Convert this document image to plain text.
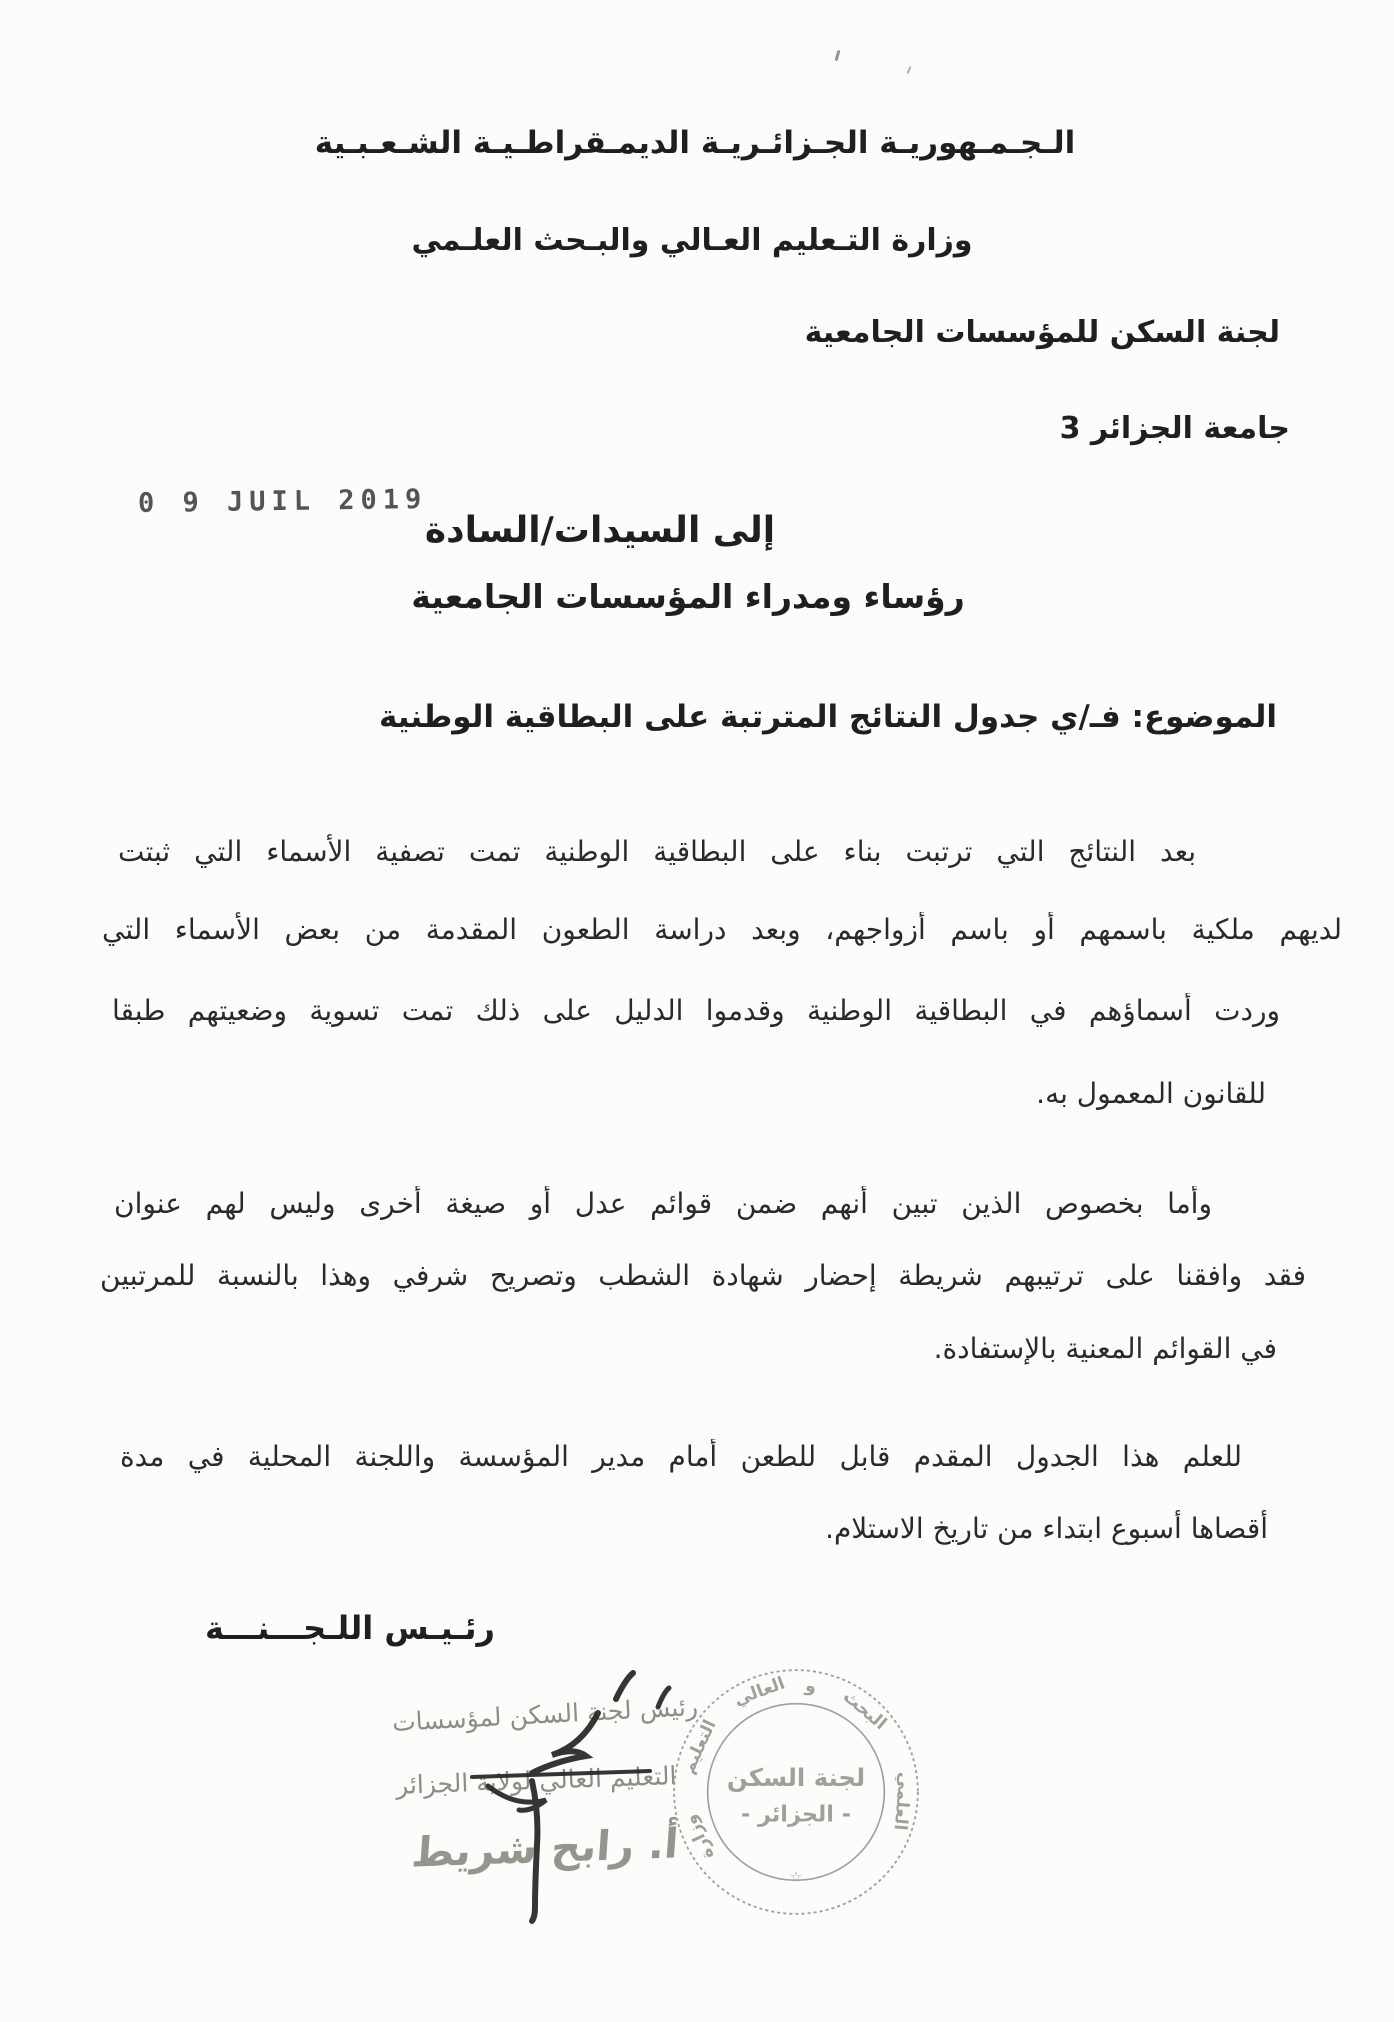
الـجـمـهوريـة الجـزائـريـة الديمـقراطـيـة الشـعـبـية
وزارة التـعليم العـالي والبـحث العلـمي
لجنة السكن للمؤسسات الجامعية
جامعة الجزائر 3
0 9 JUIL 2019
إلى السيدات/السادة
رؤساء ومدراء المؤسسات الجامعية
الموضوع: فـ/ي جدول النتائج المترتبة على البطاقية الوطنية
بعد النتائج التي ترتبت بناء على البطاقية الوطنية تمت تصفية الأسماء التي ثبتت
لديهم ملكية باسمهم أو باسم أزواجهم، وبعد دراسة الطعون المقدمة من بعض الأسماء التي
وردت أسماؤهم في البطاقية الوطنية وقدموا الدليل على ذلك تمت تسوية وضعيتهم طبقا
للقانون المعمول به.
وأما بخصوص الذين تبين أنهم ضمن قوائم عدل أو صيغة أخرى وليس لهم عنوان
فقد وافقنا على ترتيبهم شريطة إحضار شهادة الشطب وتصريح شرفي وهذا بالنسبة للمرتبين
في القوائم المعنية بالإستفادة.
للعلم هذا الجدول المقدم قابل للطعن أمام مدير المؤسسة واللجنة المحلية في مدة
أقصاها أسبوع ابتداء من تاريخ الاستلام.
رئـيـس اللـجـــنـــة
رئيس لجنة السكن لمؤسسات
التعليم العالي لولاية الجزائر
أ. رابح شريط وزارة
التعليم
العالي و
البحث
العلمي
لجنة السكن
- الجزائر -
☆
